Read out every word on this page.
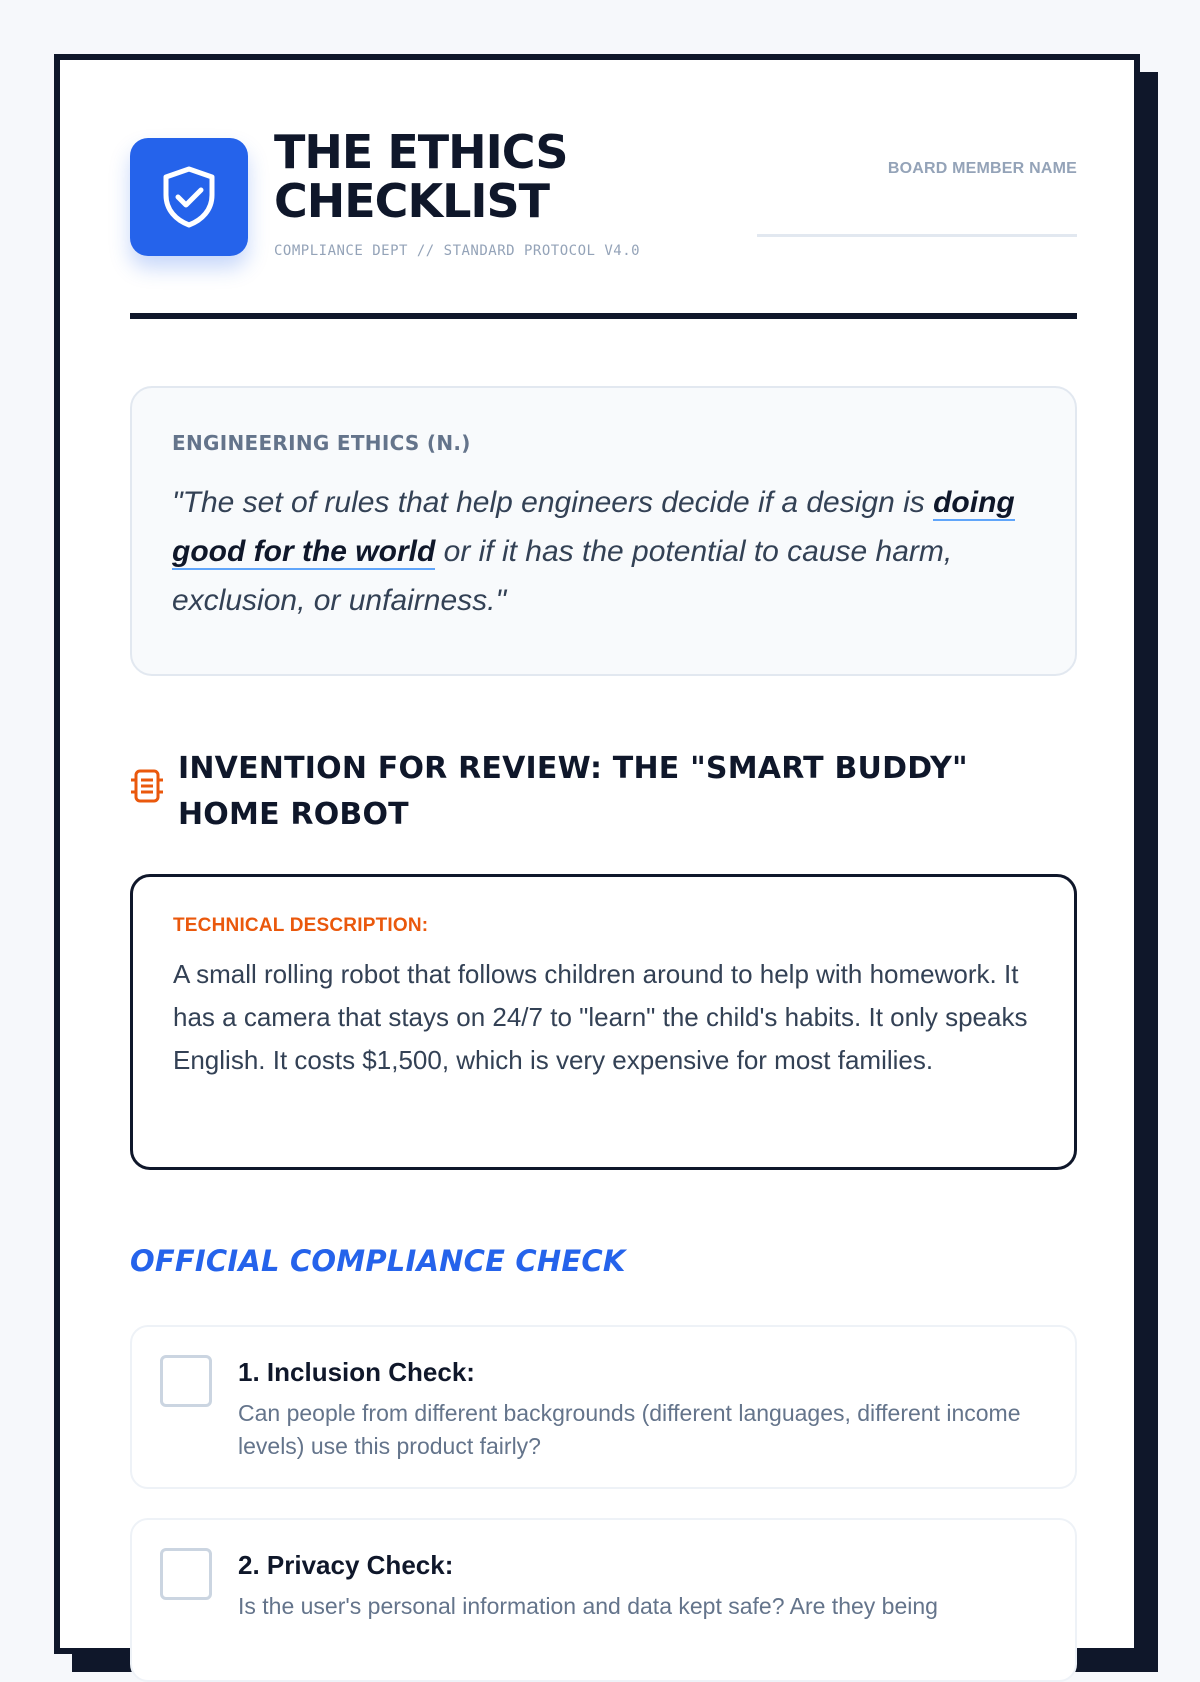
THE ETHICS CHECKLIST
COMPLIANCE DEPT // STANDARD PROTOCOL V4.0
BOARD MEMBER NAME
ENGINEERING ETHICS (N.)

"The set of rules that help engineers decide if a design is doing good for the world or if it has the potential to cause harm, exclusion, or unfairness."

INVENTION FOR REVIEW: THE "SMART BUDDY" HOME ROBOT
TECHNICAL DESCRIPTION:

A small rolling robot that follows children around to help with homework. It has a camera that stays on 24/7 to "learn" the child's habits. It only speaks English. It costs $1,500, which is very expensive for most families.

OFFICIAL COMPLIANCE CHECK
1. Inclusion Check:

Can people from different backgrounds (different languages, different income levels) use this product fairly?

2. Privacy Check:

Is the user's personal information and data kept safe? Are they being
